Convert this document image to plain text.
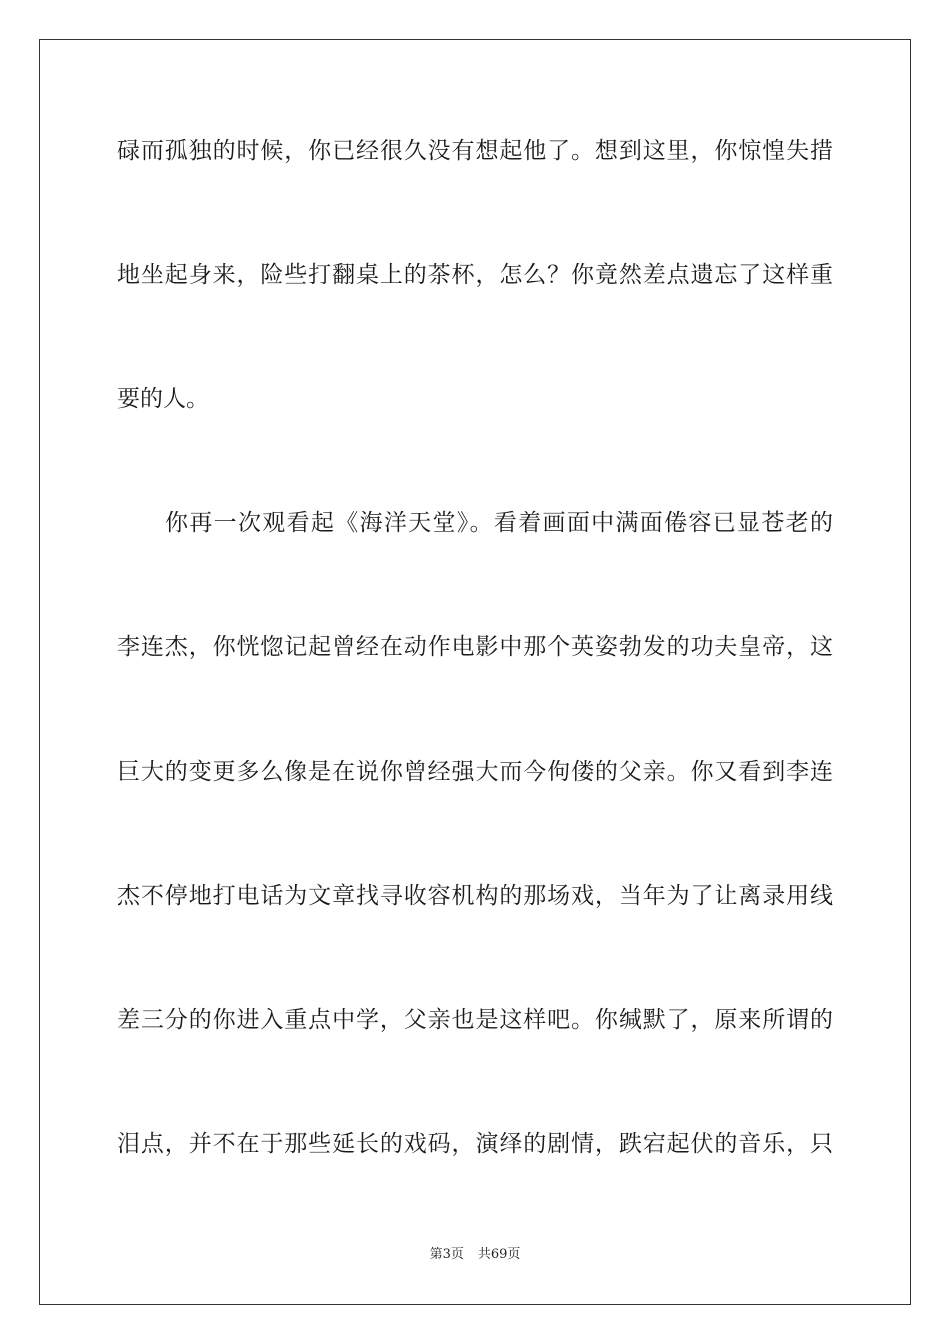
碌而孤独的时候，你已经很久没有想起他了。想到这里，你惊惶失措
地坐起身来，险些打翻桌上的茶杯，怎么？你竟然差点遗忘了这样重
要的人。
你再一次观看起《海洋天堂》。看着画面中满面倦容已显苍老的
李连杰，你恍惚记起曾经在动作电影中那个英姿勃发的功夫皇帝，这
巨大的变更多么像是在说你曾经强大而今佝偻的父亲。你又看到李连
杰不停地打电话为文章找寻收容机构的那场戏，当年为了让离录用线
差三分的你进入重点中学，父亲也是这样吧。你缄默了，原来所谓的
泪点，并不在于那些延长的戏码，演绎的剧情，跌宕起伏的音乐，只
第3页 共69页
